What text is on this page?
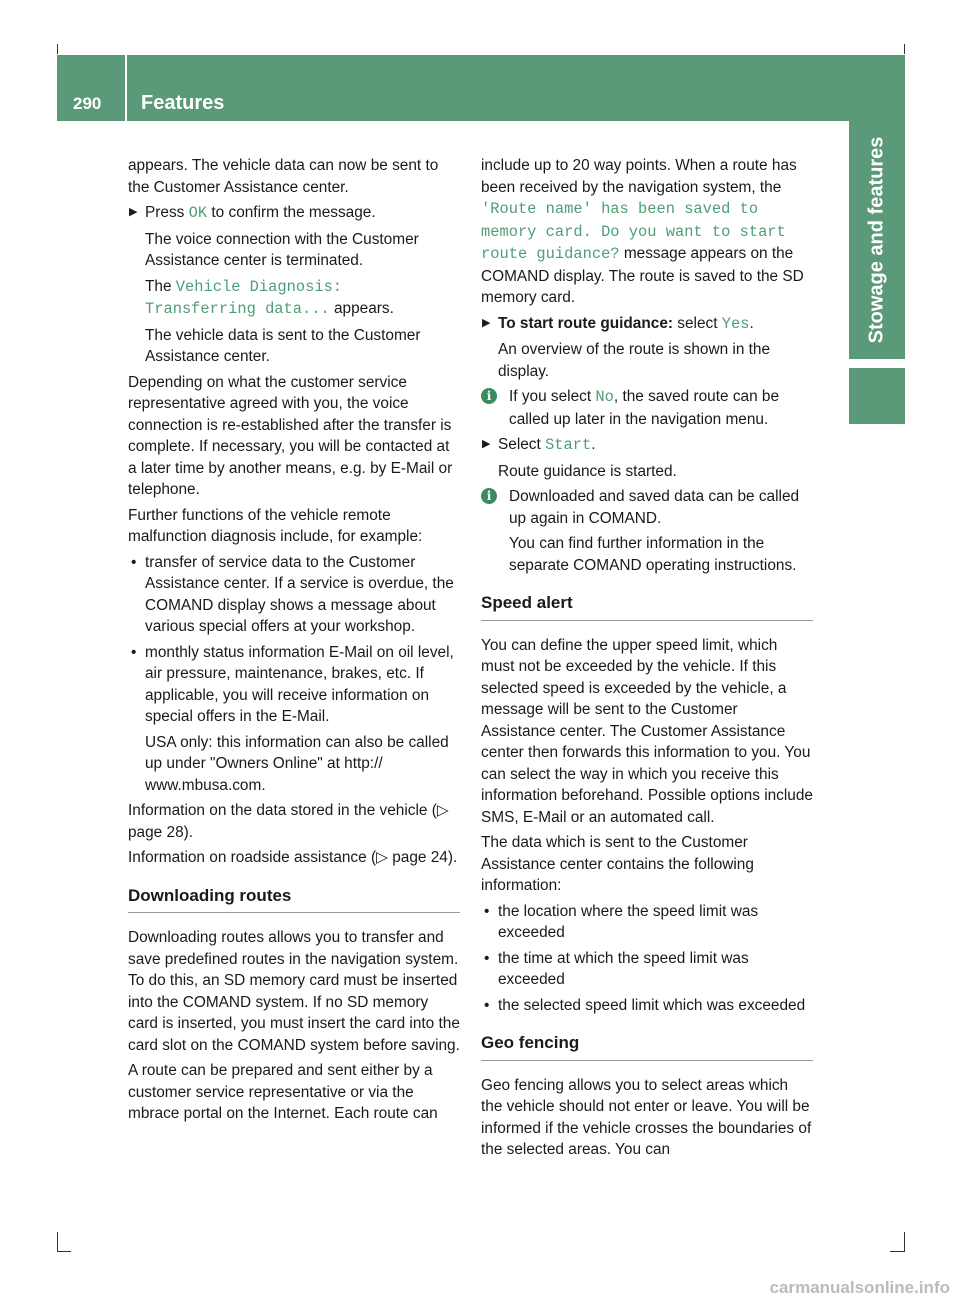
290 Features
Stowage and features

appears. The vehicle data can now be sent to the Customer Assistance center.

▶ Press OK to confirm the message.
The voice connection with the Customer Assistance center is terminated.
The Vehicle Diagnosis: Transferring data... appears.
The vehicle data is sent to the Customer Assistance center.

Depending on what the customer service representative agreed with you, the voice connection is re-established after the transfer is complete. If necessary, you will be contacted at a later time by another means, e.g. by E-Mail or telephone.

Further functions of the vehicle remote malfunction diagnosis include, for example:

• transfer of service data to the Customer Assistance center. If a service is overdue, the COMAND display shows a message about various special offers at your workshop.
• monthly status information E-Mail on oil level, air pressure, maintenance, brakes, etc. If applicable, you will receive information on special offers in the E-Mail.
USA only: this information can also be called up under "Owners Online" at http:// www.mbusa.com.

Information on the data stored in the vehicle (▷ page 28).

Information on roadside assistance (▷ page 24).

Downloading routes

Downloading routes allows you to transfer and save predefined routes in the navigation system. To do this, an SD memory card must be inserted into the COMAND system. If no SD memory card is inserted, you must insert the card into the card slot on the COMAND system before saving.

A route can be prepared and sent either by a customer service representative or via the mbrace portal on the Internet. Each route can

include up to 20 way points. When a route has been received by the navigation system, the 'Route name' has been saved to memory card. Do you want to start route guidance? message appears on the COMAND display. The route is saved to the SD memory card.

▶ To start route guidance: select Yes.
An overview of the route is shown in the display.
i	If you select No, the saved route can be called up later in the navigation menu.
▶ Select Start.
Route guidance is started.
i	Downloaded and saved data can be called up again in COMAND.
You can find further information in the separate COMAND operating instructions.
Speed alert

You can define the upper speed limit, which must not be exceeded by the vehicle. If this selected speed is exceeded by the vehicle, a message will be sent to the Customer Assistance center. The Customer Assistance center then forwards this information to you. You can select the way in which you receive this information beforehand. Possible options include SMS, E-Mail or an automated call.

The data which is sent to the Customer Assistance center contains the following information:

• the location where the speed limit was exceeded
• the time at which the speed limit was exceeded
• the selected speed limit which was exceeded
Geo fencing

Geo fencing allows you to select areas which the vehicle should not enter or leave. You will be informed if the vehicle crosses the boundaries of the selected areas. You can

carmanualsonline.info
